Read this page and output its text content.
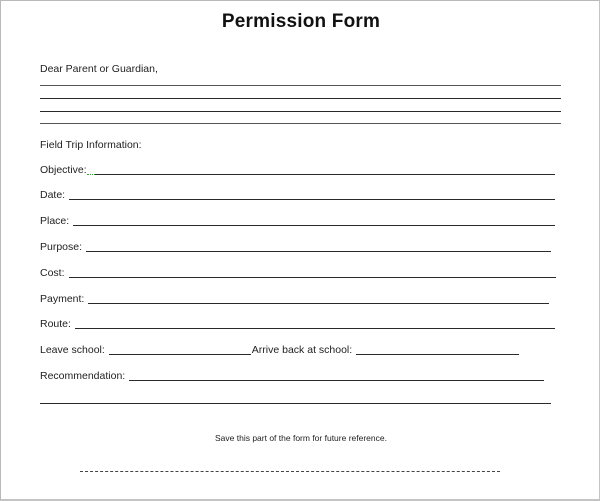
Permission Form
Dear Parent or Guardian,
Field Trip Information:
Objective:
Date:
Place:
Purpose:
Cost:
Payment:
Route:
Leave school:	Arrive back at school:
Recommendation:
Save this part of the form for future reference.
